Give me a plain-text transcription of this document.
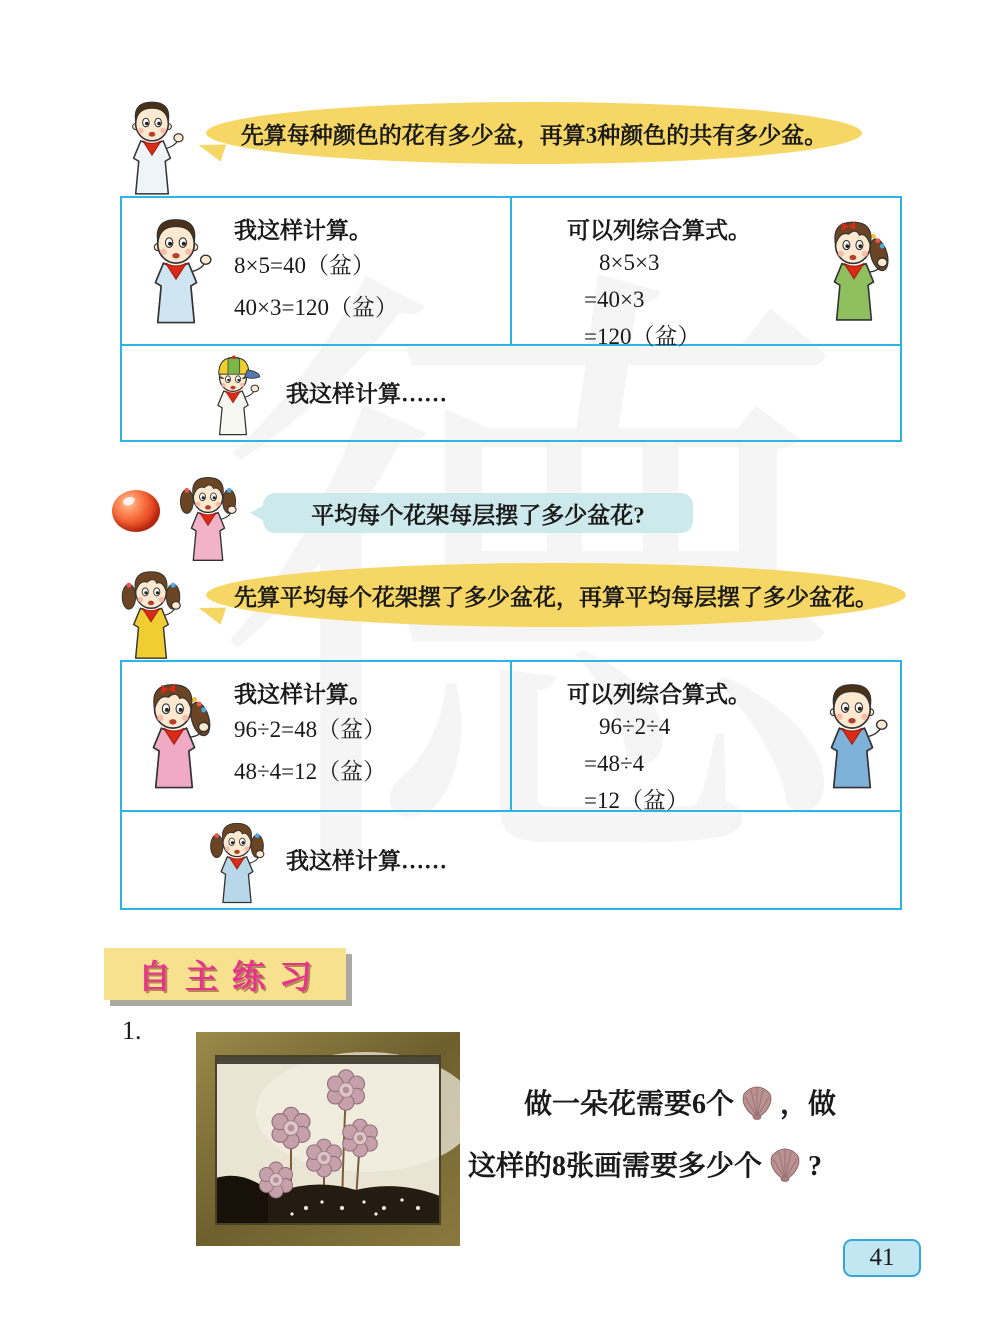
先算每种颜色的花有多少盆，再算3种颜色的共有多少盆。
我这样计算。
8×5=40（盆）
40×3=120（盆）
可以列综合算式。
8×5×3
=40×3
=120（盆）
我这样计算……
平均每个花架每层摆了多少盆花?
先算平均每个花架摆了多少盆花，再算平均每层摆了多少盆花。
我这样计算。
96÷2=48（盆）
48÷4=12（盆）
可以列综合算式。
96÷2÷4
=48÷4
=12（盆）
我这样计算……
自主练习
1.
做一朵花需要6个 ，做
这样的8张画需要多少个 ?
41
